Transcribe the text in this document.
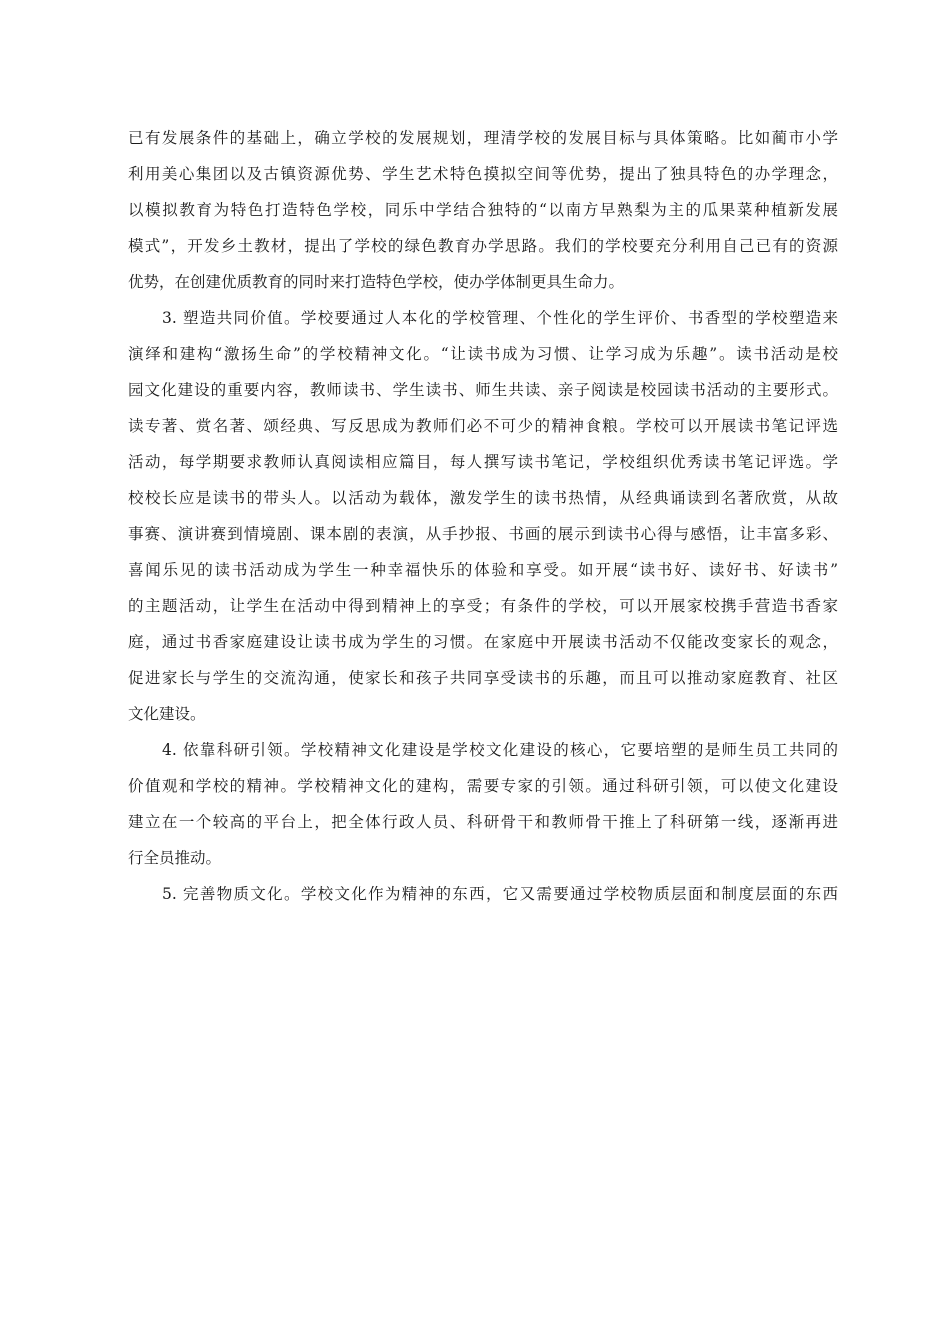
已有发展条件的基础上，确立学校的发展规划，理清学校的发展目标与具体策略。比如蔺市小学
利用美心集团以及古镇资源优势、学生艺术特色摸拟空间等优势，提出了独具特色的办学理念，
以模拟教育为特色打造特色学校，同乐中学结合独特的“以南方早熟梨为主的瓜果菜种植新发展
模式”，开发乡土教材，提出了学校的绿色教育办学思路。我们的学校要充分利用自己已有的资源
优势，在创建优质教育的同时来打造特色学校，使办学体制更具生命力。
3. 塑造共同价值。学校要通过人本化的学校管理、个性化的学生评价、书香型的学校塑造来
演绎和建构“激扬生命”的学校精神文化。“让读书成为习惯、让学习成为乐趣”。读书活动是校
园文化建设的重要内容，教师读书、学生读书、师生共读、亲子阅读是校园读书活动的主要形式。
读专著、赏名著、颂经典、写反思成为教师们必不可少的精神食粮。学校可以开展读书笔记评选
活动，每学期要求教师认真阅读相应篇目，每人撰写读书笔记，学校组织优秀读书笔记评选。学
校校长应是读书的带头人。以活动为载体，激发学生的读书热情，从经典诵读到名著欣赏，从故
事赛、演讲赛到情境剧、课本剧的表演，从手抄报、书画的展示到读书心得与感悟，让丰富多彩、
喜闻乐见的读书活动成为学生一种幸福快乐的体验和享受。如开展“读书好、读好书、好读书”
的主题活动，让学生在活动中得到精神上的享受；有条件的学校，可以开展家校携手营造书香家
庭，通过书香家庭建设让读书成为学生的习惯。在家庭中开展读书活动不仅能改变家长的观念，
促进家长与学生的交流沟通，使家长和孩子共同享受读书的乐趣，而且可以推动家庭教育、社区
文化建设。
4. 依靠科研引领。学校精神文化建设是学校文化建设的核心，它要培塑的是师生员工共同的
价值观和学校的精神。学校精神文化的建构，需要专家的引领。通过科研引领，可以使文化建设
建立在一个较高的平台上，把全体行政人员、科研骨干和教师骨干推上了科研第一线，逐渐再进
行全员推动。
5. 完善物质文化。学校文化作为精神的东西，它又需要通过学校物质层面和制度层面的东西
